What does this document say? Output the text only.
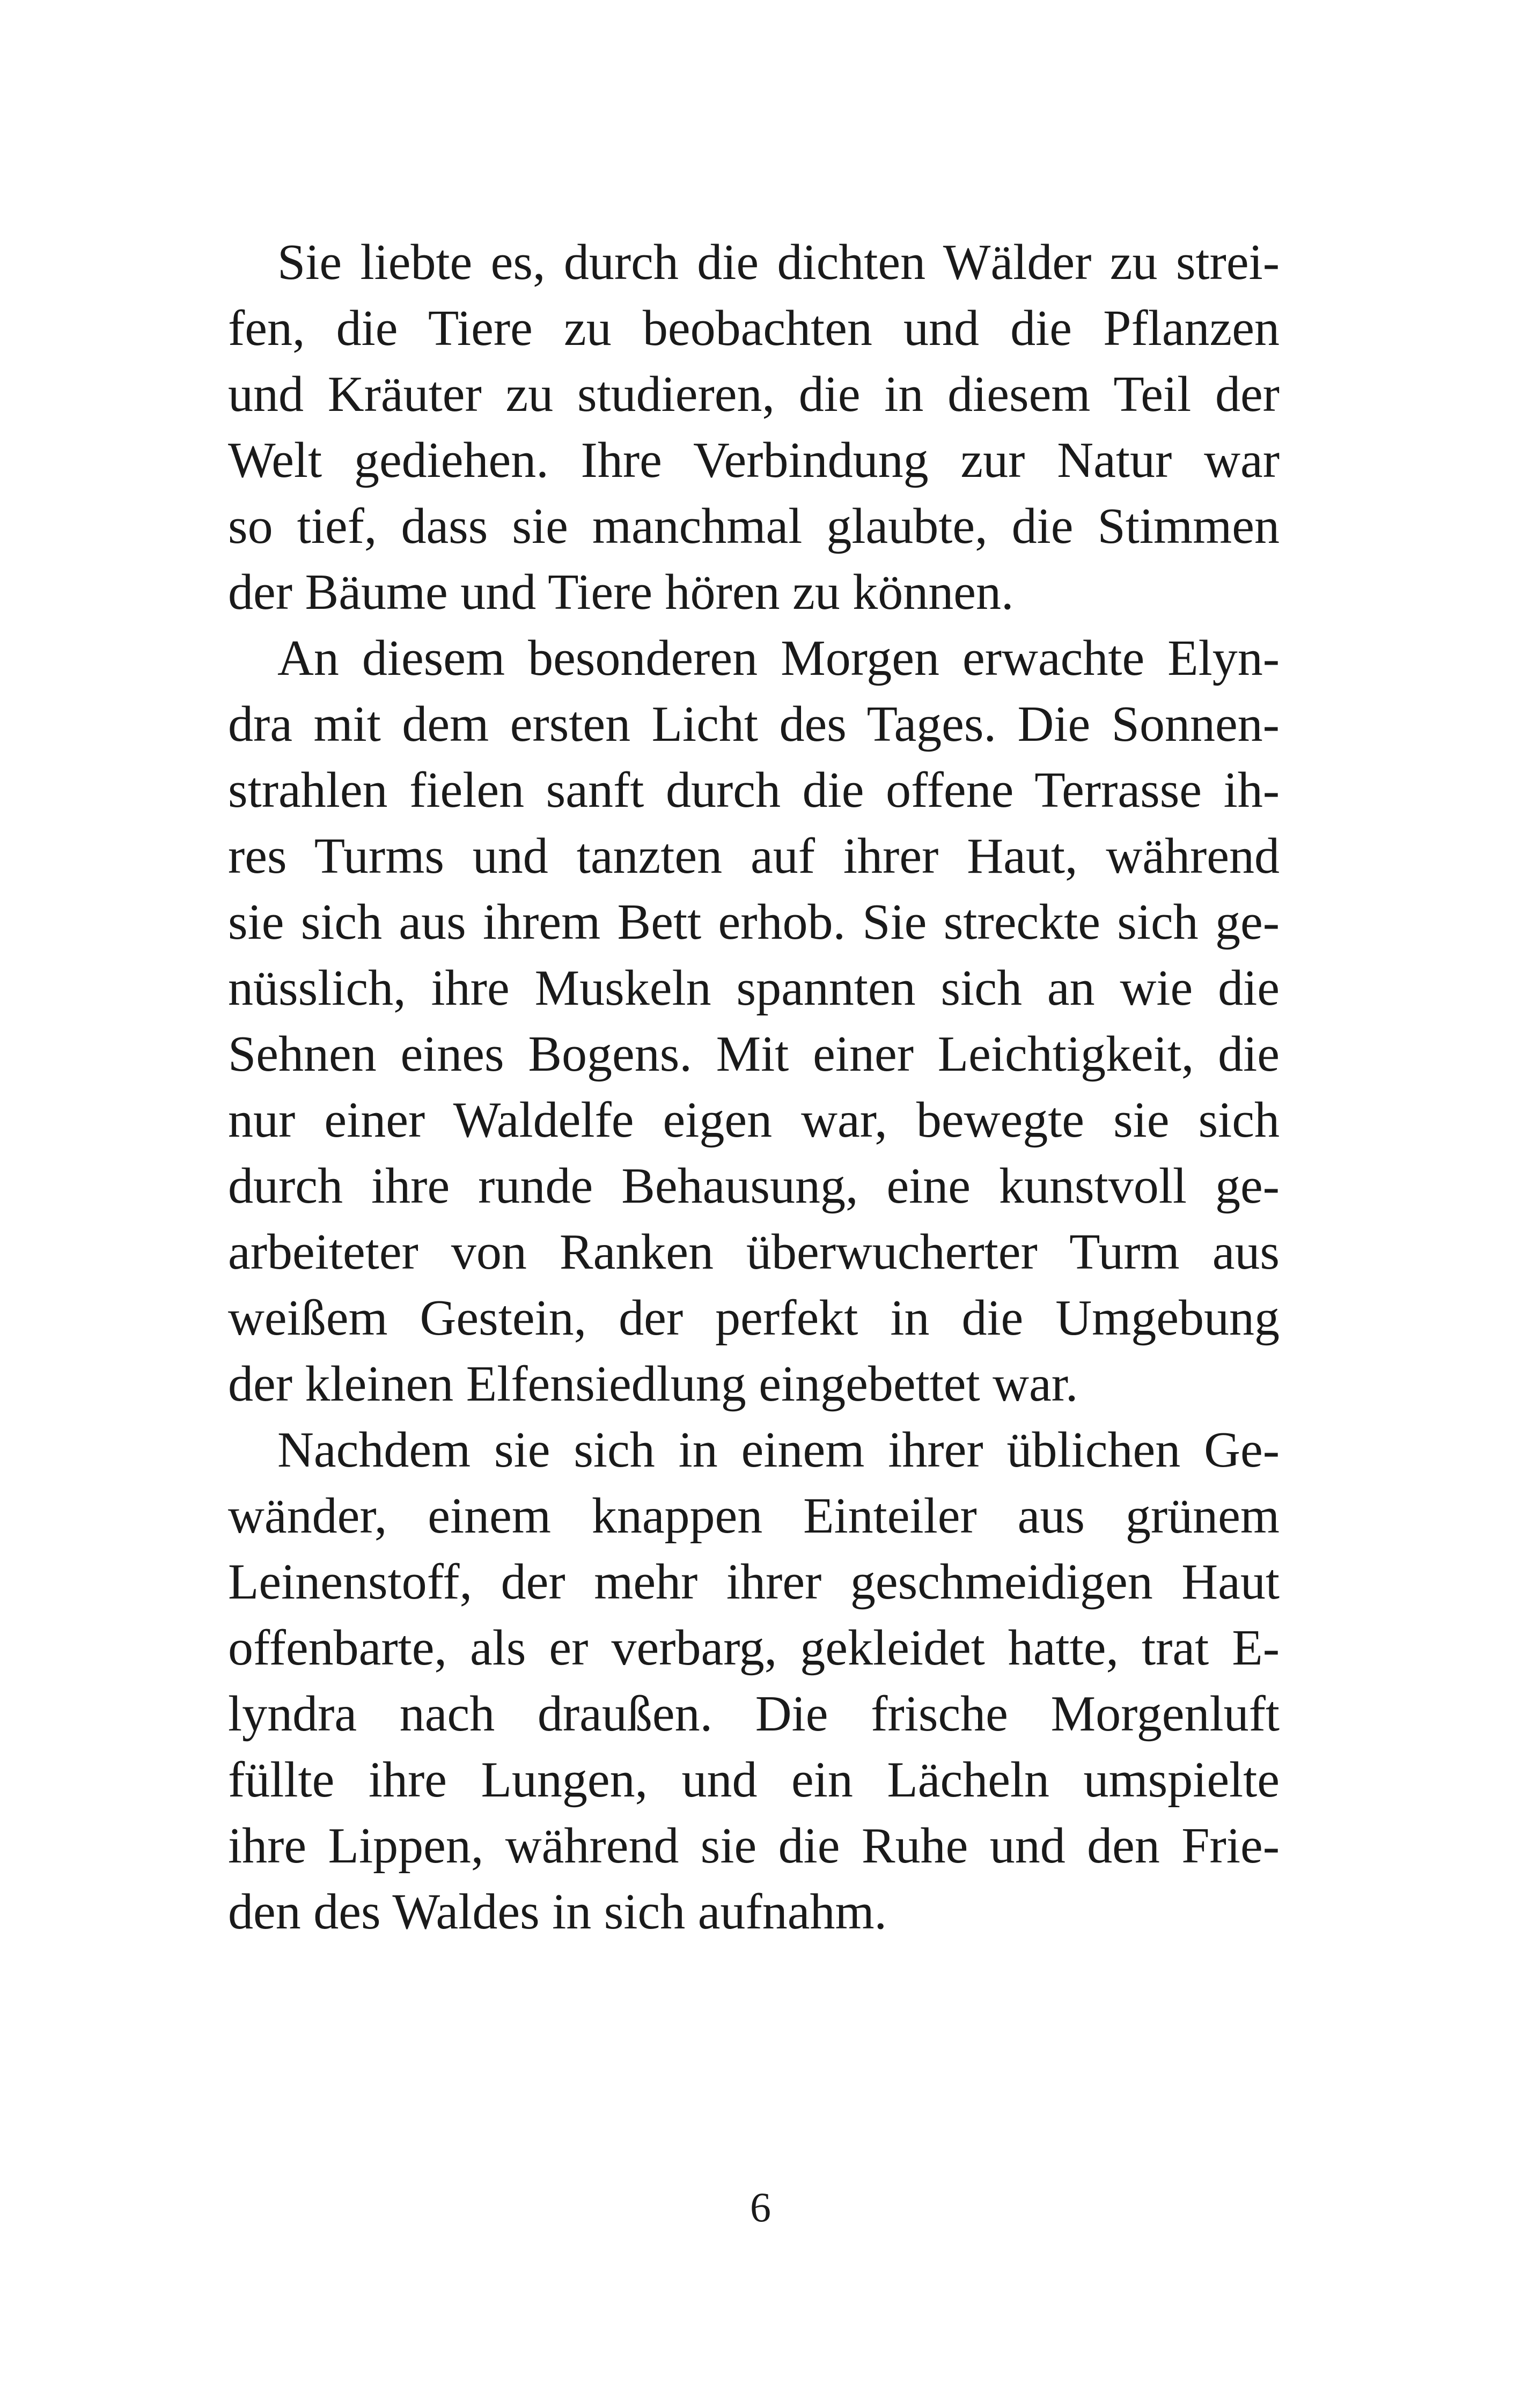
Sie liebte es, durch die dichten Wälder zu strei-
fen, die Tiere zu beobachten und die Pflanzen
und Kräuter zu studieren, die in diesem Teil der
Welt gediehen. Ihre Verbindung zur Natur war
so tief, dass sie manchmal glaubte, die Stimmen
der Bäume und Tiere hören zu können.
An diesem besonderen Morgen erwachte Elyn-
dra mit dem ersten Licht des Tages. Die Sonnen-
strahlen fielen sanft durch die offene Terrasse ih-
res Turms und tanzten auf ihrer Haut, während
sie sich aus ihrem Bett erhob. Sie streckte sich ge-
nüsslich, ihre Muskeln spannten sich an wie die
Sehnen eines Bogens. Mit einer Leichtigkeit, die
nur einer Waldelfe eigen war, bewegte sie sich
durch ihre runde Behausung, eine kunstvoll ge-
arbeiteter von Ranken überwucherter Turm aus
weißem Gestein, der perfekt in die Umgebung
der kleinen Elfensiedlung eingebettet war.
Nachdem sie sich in einem ihrer üblichen Ge-
wänder, einem knappen Einteiler aus grünem
Leinenstoff, der mehr ihrer geschmeidigen Haut
offenbarte, als er verbarg, gekleidet hatte, trat E-
lyndra nach draußen. Die frische Morgenluft
füllte ihre Lungen, und ein Lächeln umspielte
ihre Lippen, während sie die Ruhe und den Frie-
den des Waldes in sich aufnahm.
6
